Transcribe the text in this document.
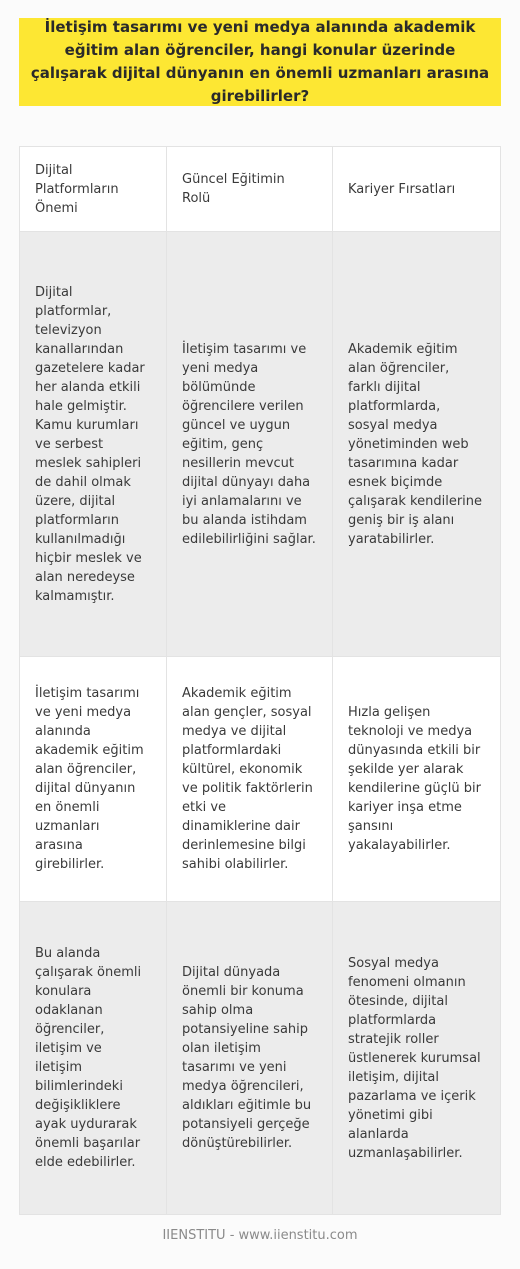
İletişim tasarımı ve yeni medya alanında akademik eğitim alan öğrenciler, hangi konular üzerinde çalışarak dijital dünyanın en önemli uzmanları arasına girebilirler?
Dijital Platformların Önemi	Güncel Eğitimin Rolü	Kariyer Fırsatları
Dijital platformlar, televizyon kanallarından gazetelere kadar her alanda etkili hale gelmiştir. Kamu kurumları ve serbest meslek sahipleri de dahil olmak üzere, dijital platformların kullanılmadığı hiçbir meslek ve alan neredeyse kalmamıştır.	İletişim tasarımı ve yeni medya bölümünde öğrencilere verilen güncel ve uygun eğitim, genç nesillerin mevcut dijital dünyayı daha iyi anlamalarını ve bu alanda istihdam edilebilirliğini sağlar.	Akademik eğitim alan öğrenciler, farklı dijital platformlarda, sosyal medya yönetiminden web tasarımına kadar esnek biçimde çalışarak kendilerine geniş bir iş alanı yaratabilirler.
İletişim tasarımı ve yeni medya alanında akademik eğitim alan öğrenciler, dijital dünyanın en önemli uzmanları arasına girebilirler.	Akademik eğitim alan gençler, sosyal medya ve dijital platformlardaki kültürel, ekonomik ve politik faktörlerin etki ve dinamiklerine dair derinlemesine bilgi sahibi olabilirler.	Hızla gelişen teknoloji ve medya dünyasında etkili bir şekilde yer alarak kendilerine güçlü bir kariyer inşa etme şansını yakalayabilirler.
Bu alanda çalışarak önemli konulara odaklanan öğrenciler, iletişim ve iletişim bilimlerindeki değişikliklere ayak uydurarak önemli başarılar elde edebilirler.	Dijital dünyada önemli bir konuma sahip olma potansiyeline sahip olan iletişim tasarımı ve yeni medya öğrencileri, aldıkları eğitimle bu potansiyeli gerçeğe dönüştürebilirler.	Sosyal medya fenomeni olmanın ötesinde, dijital platformlarda stratejik roller üstlenerek kurumsal iletişim, dijital pazarlama ve içerik yönetimi gibi alanlarda uzmanlaşabilirler.
IIENSTITU - www.iienstitu.com
